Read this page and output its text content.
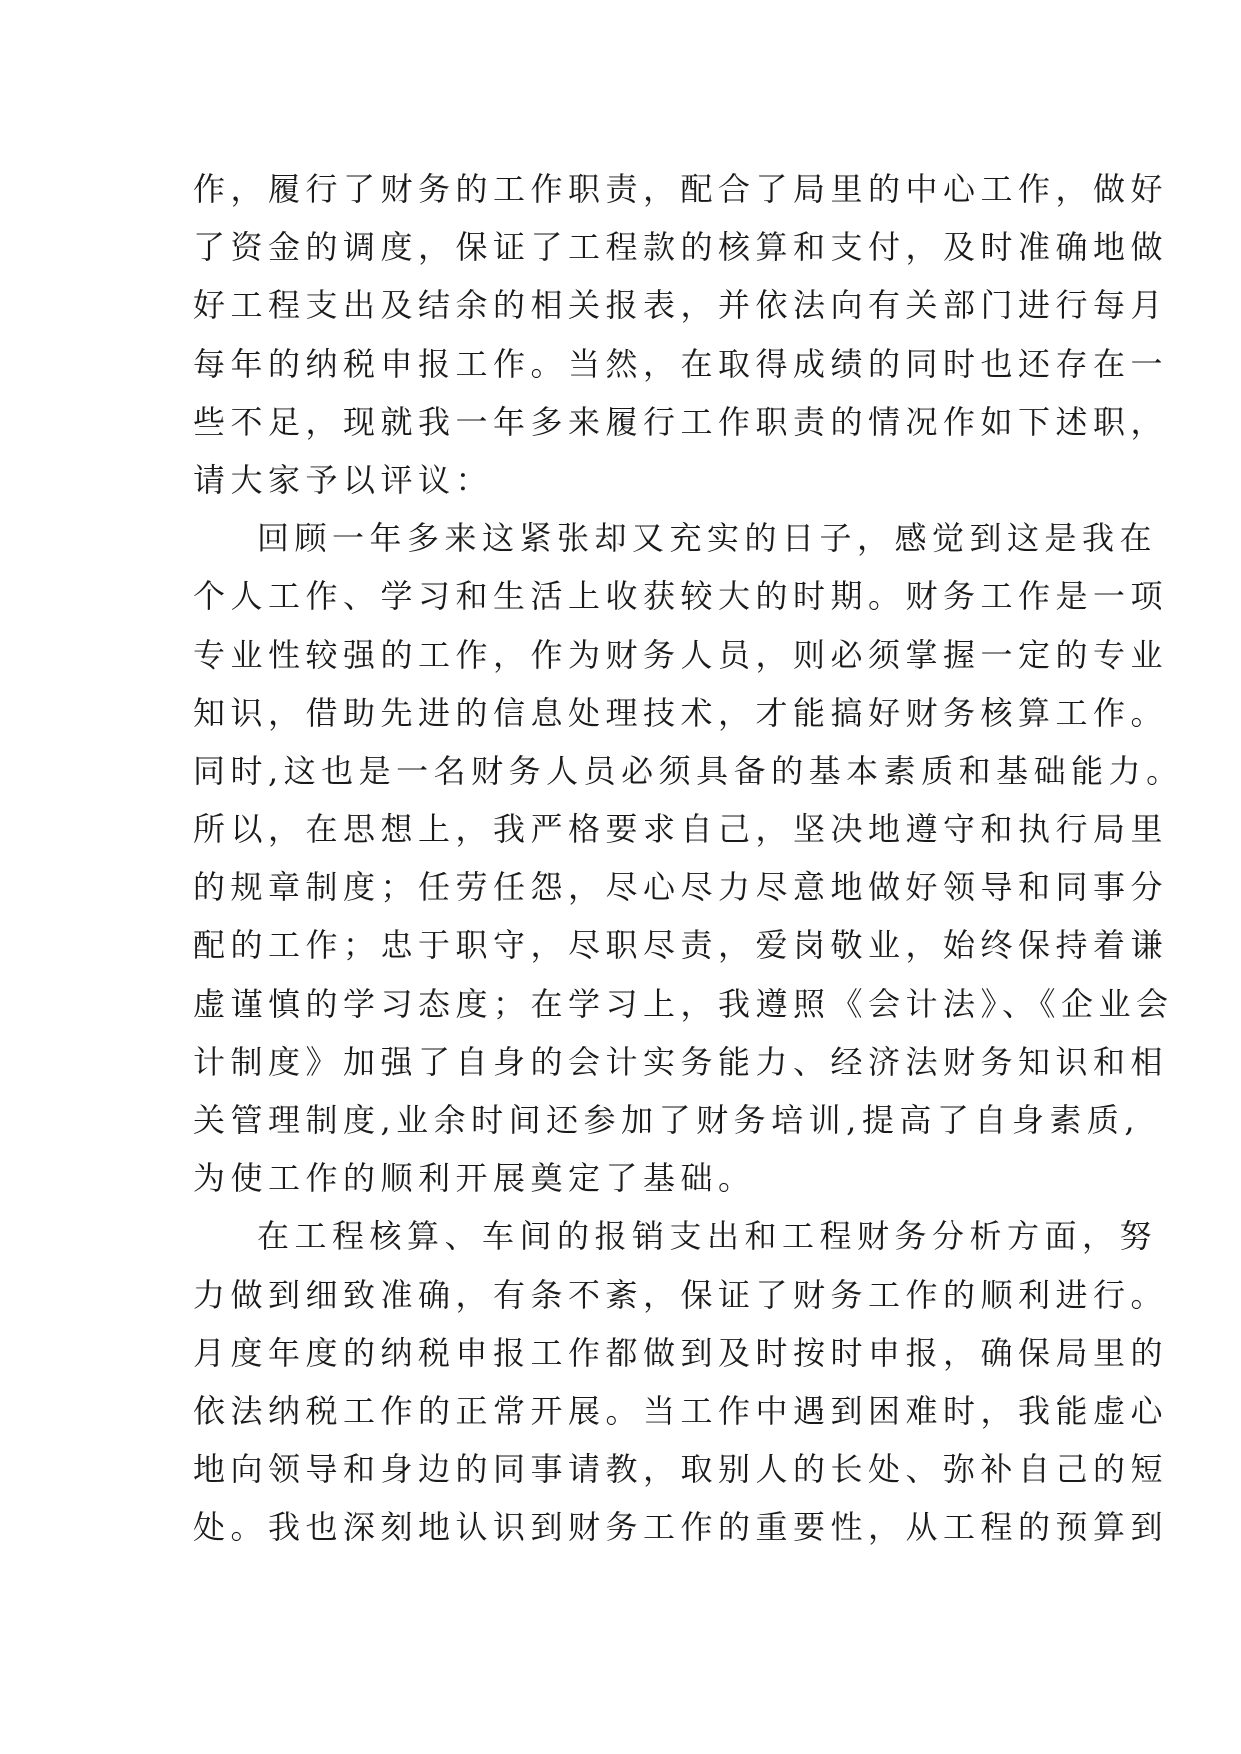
作，履行了财务的工作职责，配合了局里的中心工作，做好
了资金的调度，保证了工程款的核算和支付，及时准确地做
好工程支出及结余的相关报表，并依法向有关部门进行每月
每年的纳税申报工作。当然，在取得成绩的同时也还存在一
些不足，现就我一年多来履行工作职责的情况作如下述职，
请大家予以评议：
回顾一年多来这紧张却又充实的日子，感觉到这是我在
个人工作、学习和生活上收获较大的时期。财务工作是一项
专业性较强的工作，作为财务人员，则必须掌握一定的专业
知识，借助先进的信息处理技术，才能搞好财务核算工作。
同时,这也是一名财务人员必须具备的基本素质和基础能力。
所以，在思想上，我严格要求自己，坚决地遵守和执行局里
的规章制度；任劳任怨，尽心尽力尽意地做好领导和同事分
配的工作；忠于职守，尽职尽责，爱岗敬业，始终保持着谦
虚谨慎的学习态度；在学习上，我遵照《会计法》、《企业会
计制度》加强了自身的会计实务能力、经济法财务知识和相
关管理制度,业余时间还参加了财务培训,提高了自身素质,
为使工作的顺利开展奠定了基础。
在工程核算、车间的报销支出和工程财务分析方面，努
力做到细致准确，有条不紊，保证了财务工作的顺利进行。
月度年度的纳税申报工作都做到及时按时申报，确保局里的
依法纳税工作的正常开展。当工作中遇到困难时，我能虚心
地向领导和身边的同事请教，取别人的长处、弥补自己的短
处。我也深刻地认识到财务工作的重要性，从工程的预算到
